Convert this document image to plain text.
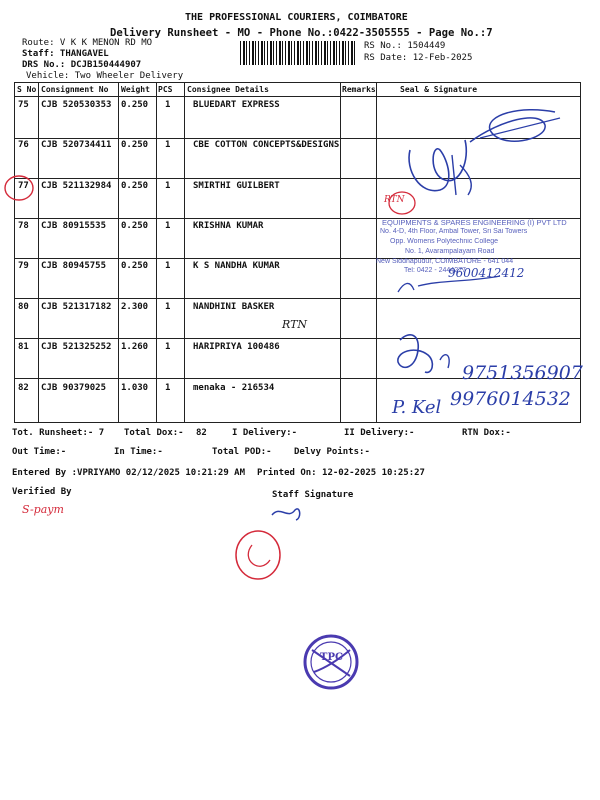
THE PROFESSIONAL COURIERS, COIMBATORE
Delivery Runsheet - MO - Phone No.:0422-3505555 - Page No.:7
Route: V K K MENON RD MO
Staff: THANGAVEL
DRS No.: DCJB150444907
Vehicle: Two Wheeler Delivery
RS No.: 1504449
RS Date: 12-Feb-2025
S No Consignment No Weight PCS Consignee Details	Remarks	Seal & Signature
75 CJB 520530353 0.250 1	BLUEDART EXPRESS
76 CJB 520734411 0.250 1	CBE COTTON CONCEPTS&DESIGNS
77 CJB 521132984 0.250 1	SMIRTHI GUILBERT
78 CJB 80915535 0.250 1	KRISHNA KUMAR
79 CJB 80945755 0.250 1	K S NANDHA KUMAR
80 CJB 521317182 2.300 1	NANDHINI BASKER
81 CJB 521325252 1.260 1	HARIPRIYA 100486
82 CJB 90379025 1.030 1	menaka - 216534
EQUIPMENTS & SPARES ENGINEERING (I) PVT LTD
No. 4-D, 4th Floor, Ambal Tower, Sri Sai Towers
Opp. Womens Polytechnic College
No. 1, Avarampalayam Road
New Siddhapudur, COIMBATORE - 641 044
Tel: 0422 - 2444277
RTN
RTN
9600412412
9751356907
9976014532
P. Kel
S-paym
TPC
Tot. Runsheet:- 7 Total Dox:- 82	I Delivery:-	II Delivery:-	RTN Dox:-
Out Time:-	In Time:-	Total POD:- Delvy Points:-
Entered By :VPRIYAMO 02/12/2025 10:21:29 AM Printed On: 12-02-2025 10:25:27
Verified By	Staff Signature
